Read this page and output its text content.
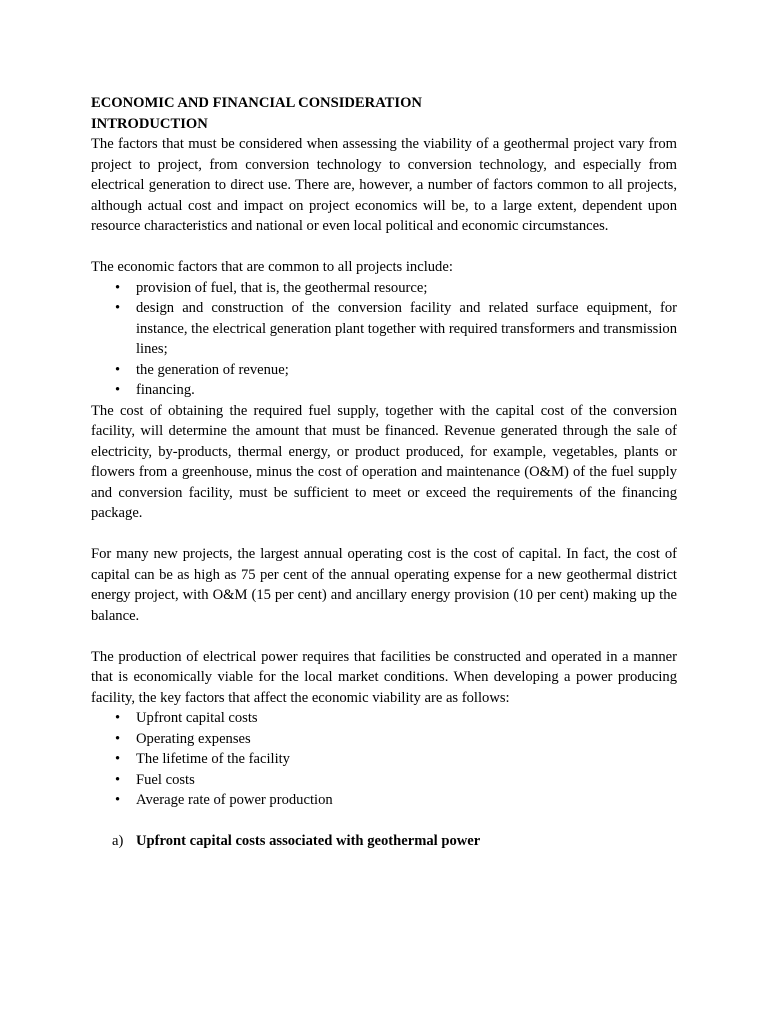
ECONOMIC AND FINANCIAL CONSIDERATION
INTRODUCTION

The factors that must be considered when assessing the viability of a geothermal project vary from project to project, from conversion technology to conversion technology, and especially from electrical generation to direct use. There are, however, a number of factors common to all projects, although actual cost and impact on project economics will be, to a large extent, dependent upon resource characteristics and national or even local political and economic circumstances.

The economic factors that are common to all projects include:

• provision of fuel, that is, the geothermal resource;
• design and construction of the conversion facility and related surface equipment, for instance, the electrical generation plant together with required transformers and transmission lines;
• the generation of revenue;
• financing.

The cost of obtaining the required fuel supply, together with the capital cost of the conversion facility, will determine the amount that must be financed. Revenue generated through the sale of electricity, by-products, thermal energy, or product produced, for example, vegetables, plants or flowers from a greenhouse, minus the cost of operation and maintenance (O&M) of the fuel supply and conversion facility, must be sufficient to meet or exceed the requirements of the financing package.

For many new projects, the largest annual operating cost is the cost of capital. In fact, the cost of capital can be as high as 75 per cent of the annual operating expense for a new geothermal district energy project, with O&M (15 per cent) and ancillary energy provision (10 per cent) making up the balance.

The production of electrical power requires that facilities be constructed and operated in a manner that is economically viable for the local market conditions. When developing a power producing facility, the key factors that affect the economic viability are as follows:

• Upfront capital costs
• Operating expenses
• The lifetime of the facility
• Fuel costs
• Average rate of power production
a) Upfront capital costs associated with geothermal power
